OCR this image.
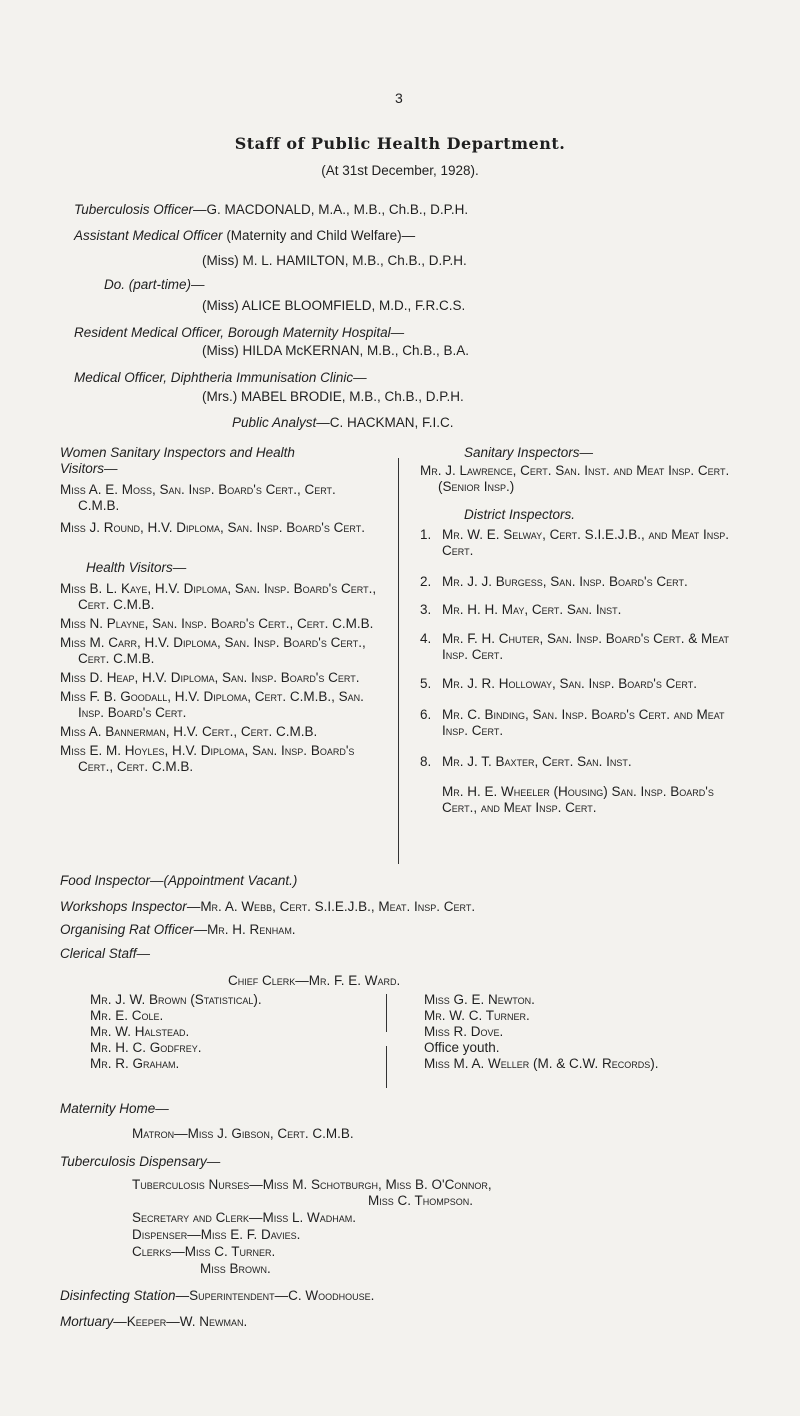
3
Staff of Public Health Department.
(At 31st December, 1928).
Tuberculosis Officer—G. MACDONALD, M.A., M.B., Ch.B., D.P.H.
Assistant Medical Officer (Maternity and Child Welfare)—
(Miss) M. L. HAMILTON, M.B., Ch.B., D.P.H.
Do. (part-time)—
(Miss) ALICE BLOOMFIELD, M.D., F.R.C.S.
Resident Medical Officer, Borough Maternity Hospital—
(Miss) HILDA McKERNAN, M.B., Ch.B., B.A.
Medical Officer, Diphtheria Immunisation Clinic—
(Mrs.) MABEL BRODIE, M.B., Ch.B., D.P.H.
Public Analyst—C. HACKMAN, F.I.C.

Women Sanitary Inspectors and Health Visitors—

Miss A. E. Moss, San. Insp. Board's Cert., Cert. C.M.B.

Miss J. Round, H.V. Diploma, San. Insp. Board's Cert.

Health Visitors—

Miss B. L. Kaye, H.V. Diploma, San. Insp. Board's Cert., Cert. C.M.B.

Miss N. Playne, San. Insp. Board's Cert., Cert. C.M.B.

Miss M. Carr, H.V. Diploma, San. Insp. Board's Cert., Cert. C.M.B.

Miss D. Heap, H.V. Diploma, San. Insp. Board's Cert.

Miss F. B. Goodall, H.V. Diploma, Cert. C.M.B., San. Insp. Board's Cert.

Miss A. Bannerman, H.V. Cert., Cert. C.M.B.

Miss E. M. Hoyles, H.V. Diploma, San. Insp. Board's Cert., Cert. C.M.B.

Sanitary Inspectors—

Mr. J. Lawrence, Cert. San. Inst. and Meat Insp. Cert. (Senior Insp.)

District Inspectors.

1. Mr. W. E. Selway, Cert. S.I.E.J.B., and Meat Insp. Cert.
2. Mr. J. J. Burgess, San. Insp. Board's Cert.
3. Mr. H. H. May, Cert. San. Inst.
4. Mr. F. H. Chuter, San. Insp. Board's Cert. & Meat Insp. Cert.
5. Mr. J. R. Holloway, San. Insp. Board's Cert.
6. Mr. C. Binding, San. Insp. Board's Cert. and Meat Insp. Cert.
8. Mr. J. T. Baxter, Cert. San. Inst.

Mr. H. E. Wheeler (Housing) San. Insp. Board's Cert., and Meat Insp. Cert.

Food Inspector—(Appointment Vacant.)
Workshops Inspector—Mr. A. Webb, Cert. S.I.E.J.B., Meat. Insp. Cert.
Organising Rat Officer—Mr. H. Renham.
Clerical Staff—
Chief Clerk—Mr. F. E. Ward.

Mr. J. W. Brown (Statistical).

Mr. E. Cole.

Mr. W. Halstead.

Mr. H. C. Godfrey.

Mr. R. Graham.

Miss G. E. Newton.

Mr. W. C. Turner.

Miss R. Dove.

Office youth.

Miss M. A. Weller (M. & C.W. Records).

Maternity Home—
Matron—Miss J. Gibson, Cert. C.M.B.
Tuberculosis Dispensary—
Tuberculosis Nurses—Miss M. Schotburgh, Miss B. O'Connor,
Miss C. Thompson.
Secretary and Clerk—Miss L. Wadham.
Dispenser—Miss E. F. Davies.
Clerks—Miss C. Turner.
Miss Brown.
Disinfecting Station—Superintendent—C. Woodhouse.
Mortuary—Keeper—W. Newman.
